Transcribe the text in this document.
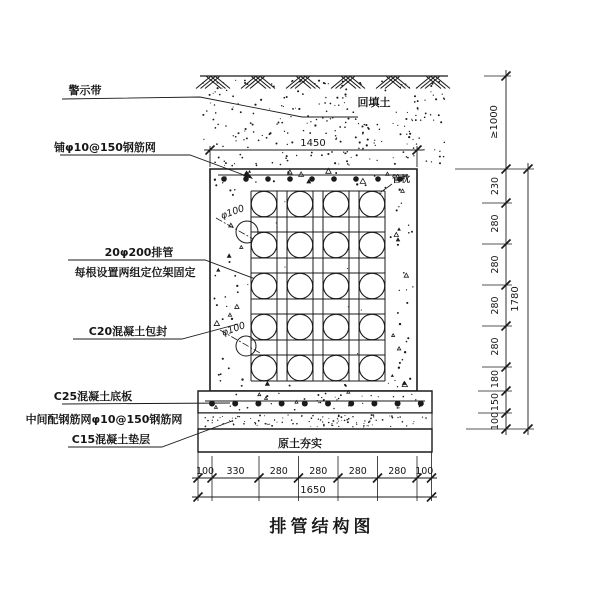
100 330	280 280 280 280 100
230
280
280
280
280
180
150
100
警示带
铺φ10@150钢筋网
回填土
20φ200排管
每根设置两组定位架固定
C20混凝土包封
C25混凝土底板
中间配钢筋网φ10@150钢筋网
C15混凝土垫层	原土夯实
管枕
φ100
φ100
1450
1650
≥1000
1780
排管结构图
